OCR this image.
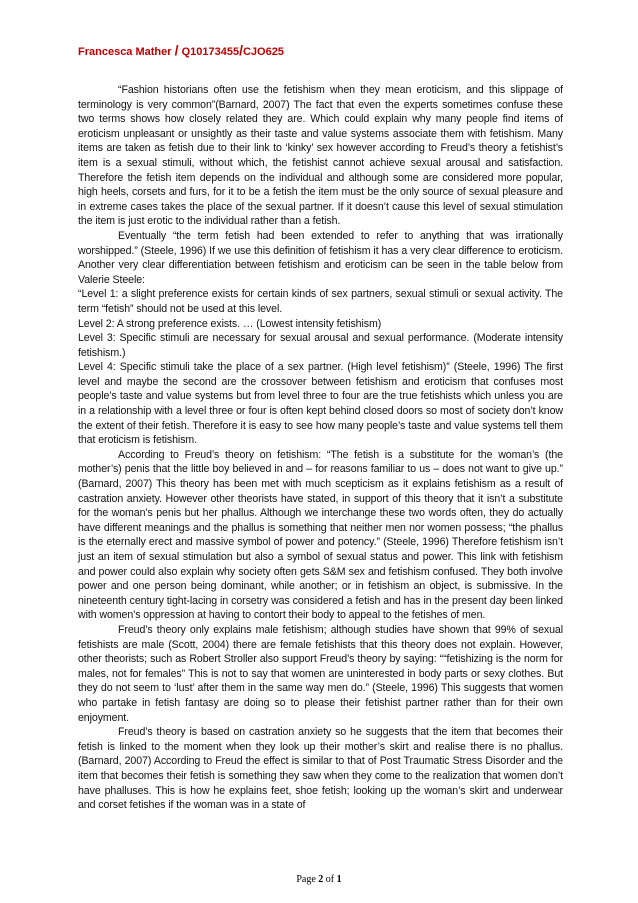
Francesca Mather / Q10173455/CJO625

“Fashion historians often use the fetishism when they mean eroticism, and this slippage of terminology is very common”(Barnard, 2007) The fact that even the experts sometimes confuse these two terms shows how closely related they are. Which could explain why many people find items of eroticism unpleasant or unsightly as their taste and value systems associate them with fetishism. Many items are taken as fetish due to their link to ‘kinky’ sex however according to Freud’s theory a fetishist’s item is a sexual stimuli, without which, the fetishist cannot achieve sexual arousal and satisfaction. Therefore the fetish item depends on the individual and although some are considered more popular, high heels, corsets and furs, for it to be a fetish the item must be the only source of sexual pleasure and in extreme cases takes the place of the sexual partner. If it doesn’t cause this level of sexual stimulation the item is just erotic to the individual rather than a fetish.

Eventually “the term fetish had been extended to refer to anything that was irrationally worshipped.” (Steele, 1996) If we use this definition of fetishism it has a very clear difference to eroticism. Another very clear differentiation between fetishism and eroticism can be seen in the table below from Valerie Steele:

“Level 1: a slight preference exists for certain kinds of sex partners, sexual stimuli or sexual activity. The term “fetish” should not be used at this level.

Level 2: A strong preference exists. … (Lowest intensity fetishism)

Level 3: Specific stimuli are necessary for sexual arousal and sexual performance. (Moderate intensity fetishism.)

Level 4: Specific stimuli take the place of a sex partner. (High level fetishism)” (Steele, 1996) The first level and maybe the second are the crossover between fetishism and eroticism that confuses most people’s taste and value systems but from level three to four are the true fetishists which unless you are in a relationship with a level three or four is often kept behind closed doors so most of society don’t know the extent of their fetish. Therefore it is easy to see how many people’s taste and value systems tell them that eroticism is fetishism.

According to Freud’s theory on fetishism: “The fetish is a substitute for the woman’s (the mother’s) penis that the little boy believed in and – for reasons familiar to us – does not want to give up.” (Barnard, 2007) This theory has been met with much scepticism as it explains fetishism as a result of castration anxiety. However other theorists have stated, in support of this theory that it isn’t a substitute for the woman’s penis but her phallus. Although we interchange these two words often, they do actually have different meanings and the phallus is something that neither men nor women possess; “the phallus is the eternally erect and massive symbol of power and potency.” (Steele, 1996) Therefore fetishism isn’t just an item of sexual stimulation but also a symbol of sexual status and power. This link with fetishism and power could also explain why society often gets S&M sex and fetishism confused. They both involve power and one person being dominant, while another; or in fetishism an object, is submissive. In the nineteenth century tight-lacing in corsetry was considered a fetish and has in the present day been linked with women’s oppression at having to contort their body to appeal to the fetishes of men.

Freud’s theory only explains male fetishism; although studies have shown that 99% of sexual fetishists are male (Scott, 2004) there are female fetishists that this theory does not explain. However, other theorists; such as Robert Stroller also support Freud’s theory by saying: ““fetishizing is the norm for males, not for females” This is not to say that women are uninterested in body parts or sexy clothes. But they do not seem to ‘lust’ after them in the same way men do.” (Steele, 1996) This suggests that women who partake in fetish fantasy are doing so to please their fetishist partner rather than for their own enjoyment.

Freud’s theory is based on castration anxiety so he suggests that the item that becomes their fetish is linked to the moment when they look up their mother’s skirt and realise there is no phallus. (Barnard, 2007) According to Freud the effect is similar to that of Post Traumatic Stress Disorder and the item that becomes their fetish is something they saw when they come to the realization that women don’t have phalluses. This is how he explains feet, shoe fetish; looking up the woman’s skirt and underwear and corset fetishes if the woman was in a state of

Page 2 of 1
